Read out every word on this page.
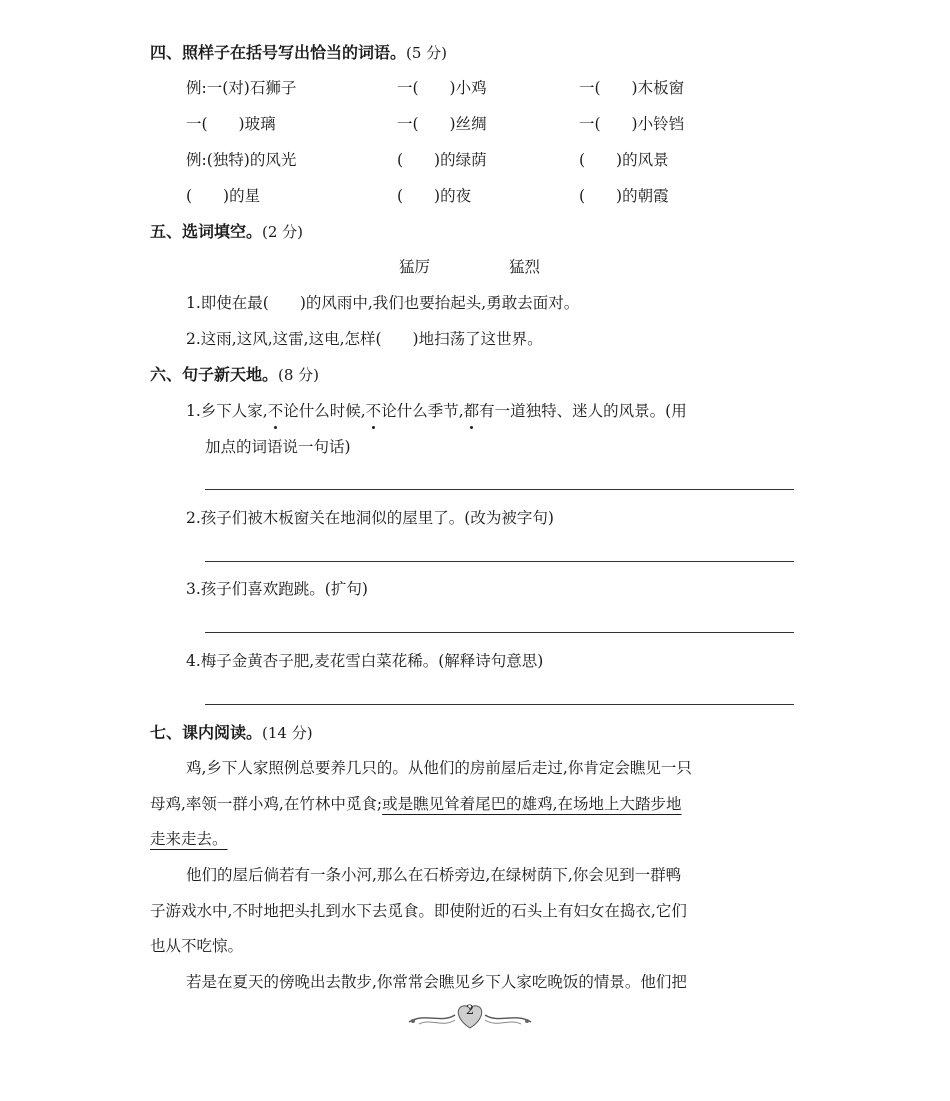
四、照样子在括号写出恰当的词语。(5 分)
例:一(对)石狮子	一(　　)小鸡	一(　　)木板窗
一(　　)玻璃	一(　　)丝绸	一(　　)小铃铛
例:(独特)的风光	(　　)的绿荫	(　　)的风景
(　　)的星	(　　)的夜	(　　)的朝霞
五、选词填空。(2 分)
猛厉	猛烈
1.即使在最(　　)的风雨中,我们也要抬起头,勇敢去面对。
2.这雨,这风,这雷,这电,怎样(　　)地扫荡了这世界。
六、句子新天地。(8 分)
1.乡下人家,不论什么时候,不论什么季节,都有一道独特、迷人的风景。(用
加点的词语说一句话)
2.孩子们被木板窗关在地洞似的屋里了。(改为被字句)
3.孩子们喜欢跑跳。(扩句)
4.梅子金黄杏子肥,麦花雪白菜花稀。(解释诗句意思)
七、课内阅读。(14 分)
鸡,乡下人家照例总要养几只的。从他们的房前屋后走过,你肯定会瞧见一只
母鸡,率领一群小鸡,在竹林中觅食;或是瞧见耸着尾巴的雄鸡,在场地上大踏步地
走来走去。
他们的屋后倘若有一条小河,那么在石桥旁边,在绿树荫下,你会见到一群鸭
子游戏水中,不时地把头扎到水下去觅食。即使附近的石头上有妇女在捣衣,它们
也从不吃惊。
若是在夏天的傍晚出去散步,你常常会瞧见乡下人家吃晚饭的情景。他们把
2
